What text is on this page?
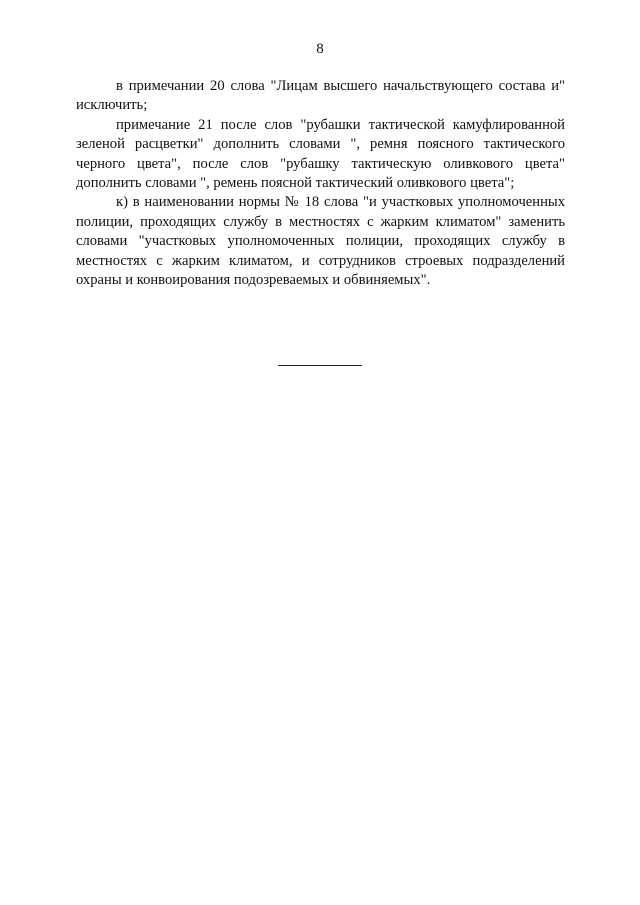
8

в примечании 20 слова "Лицам высшего начальствующего состава и" исключить;

примечание 21 после слов "рубашки тактической камуфлированной зеленой расцветки" дополнить словами ", ремня поясного тактического черного цвета", после слов "рубашку тактическую оливкового цвета" дополнить словами ", ремень поясной тактический оливкового цвета";

к) в наименовании нормы № 18 слова "и участковых уполномоченных полиции, проходящих службу в местностях с жарким климатом" заменить словами "участковых уполномоченных полиции, проходящих службу в местностях с жарким климатом, и сотрудников строевых подразделений охраны и конвоирования подозреваемых и обвиняемых".
